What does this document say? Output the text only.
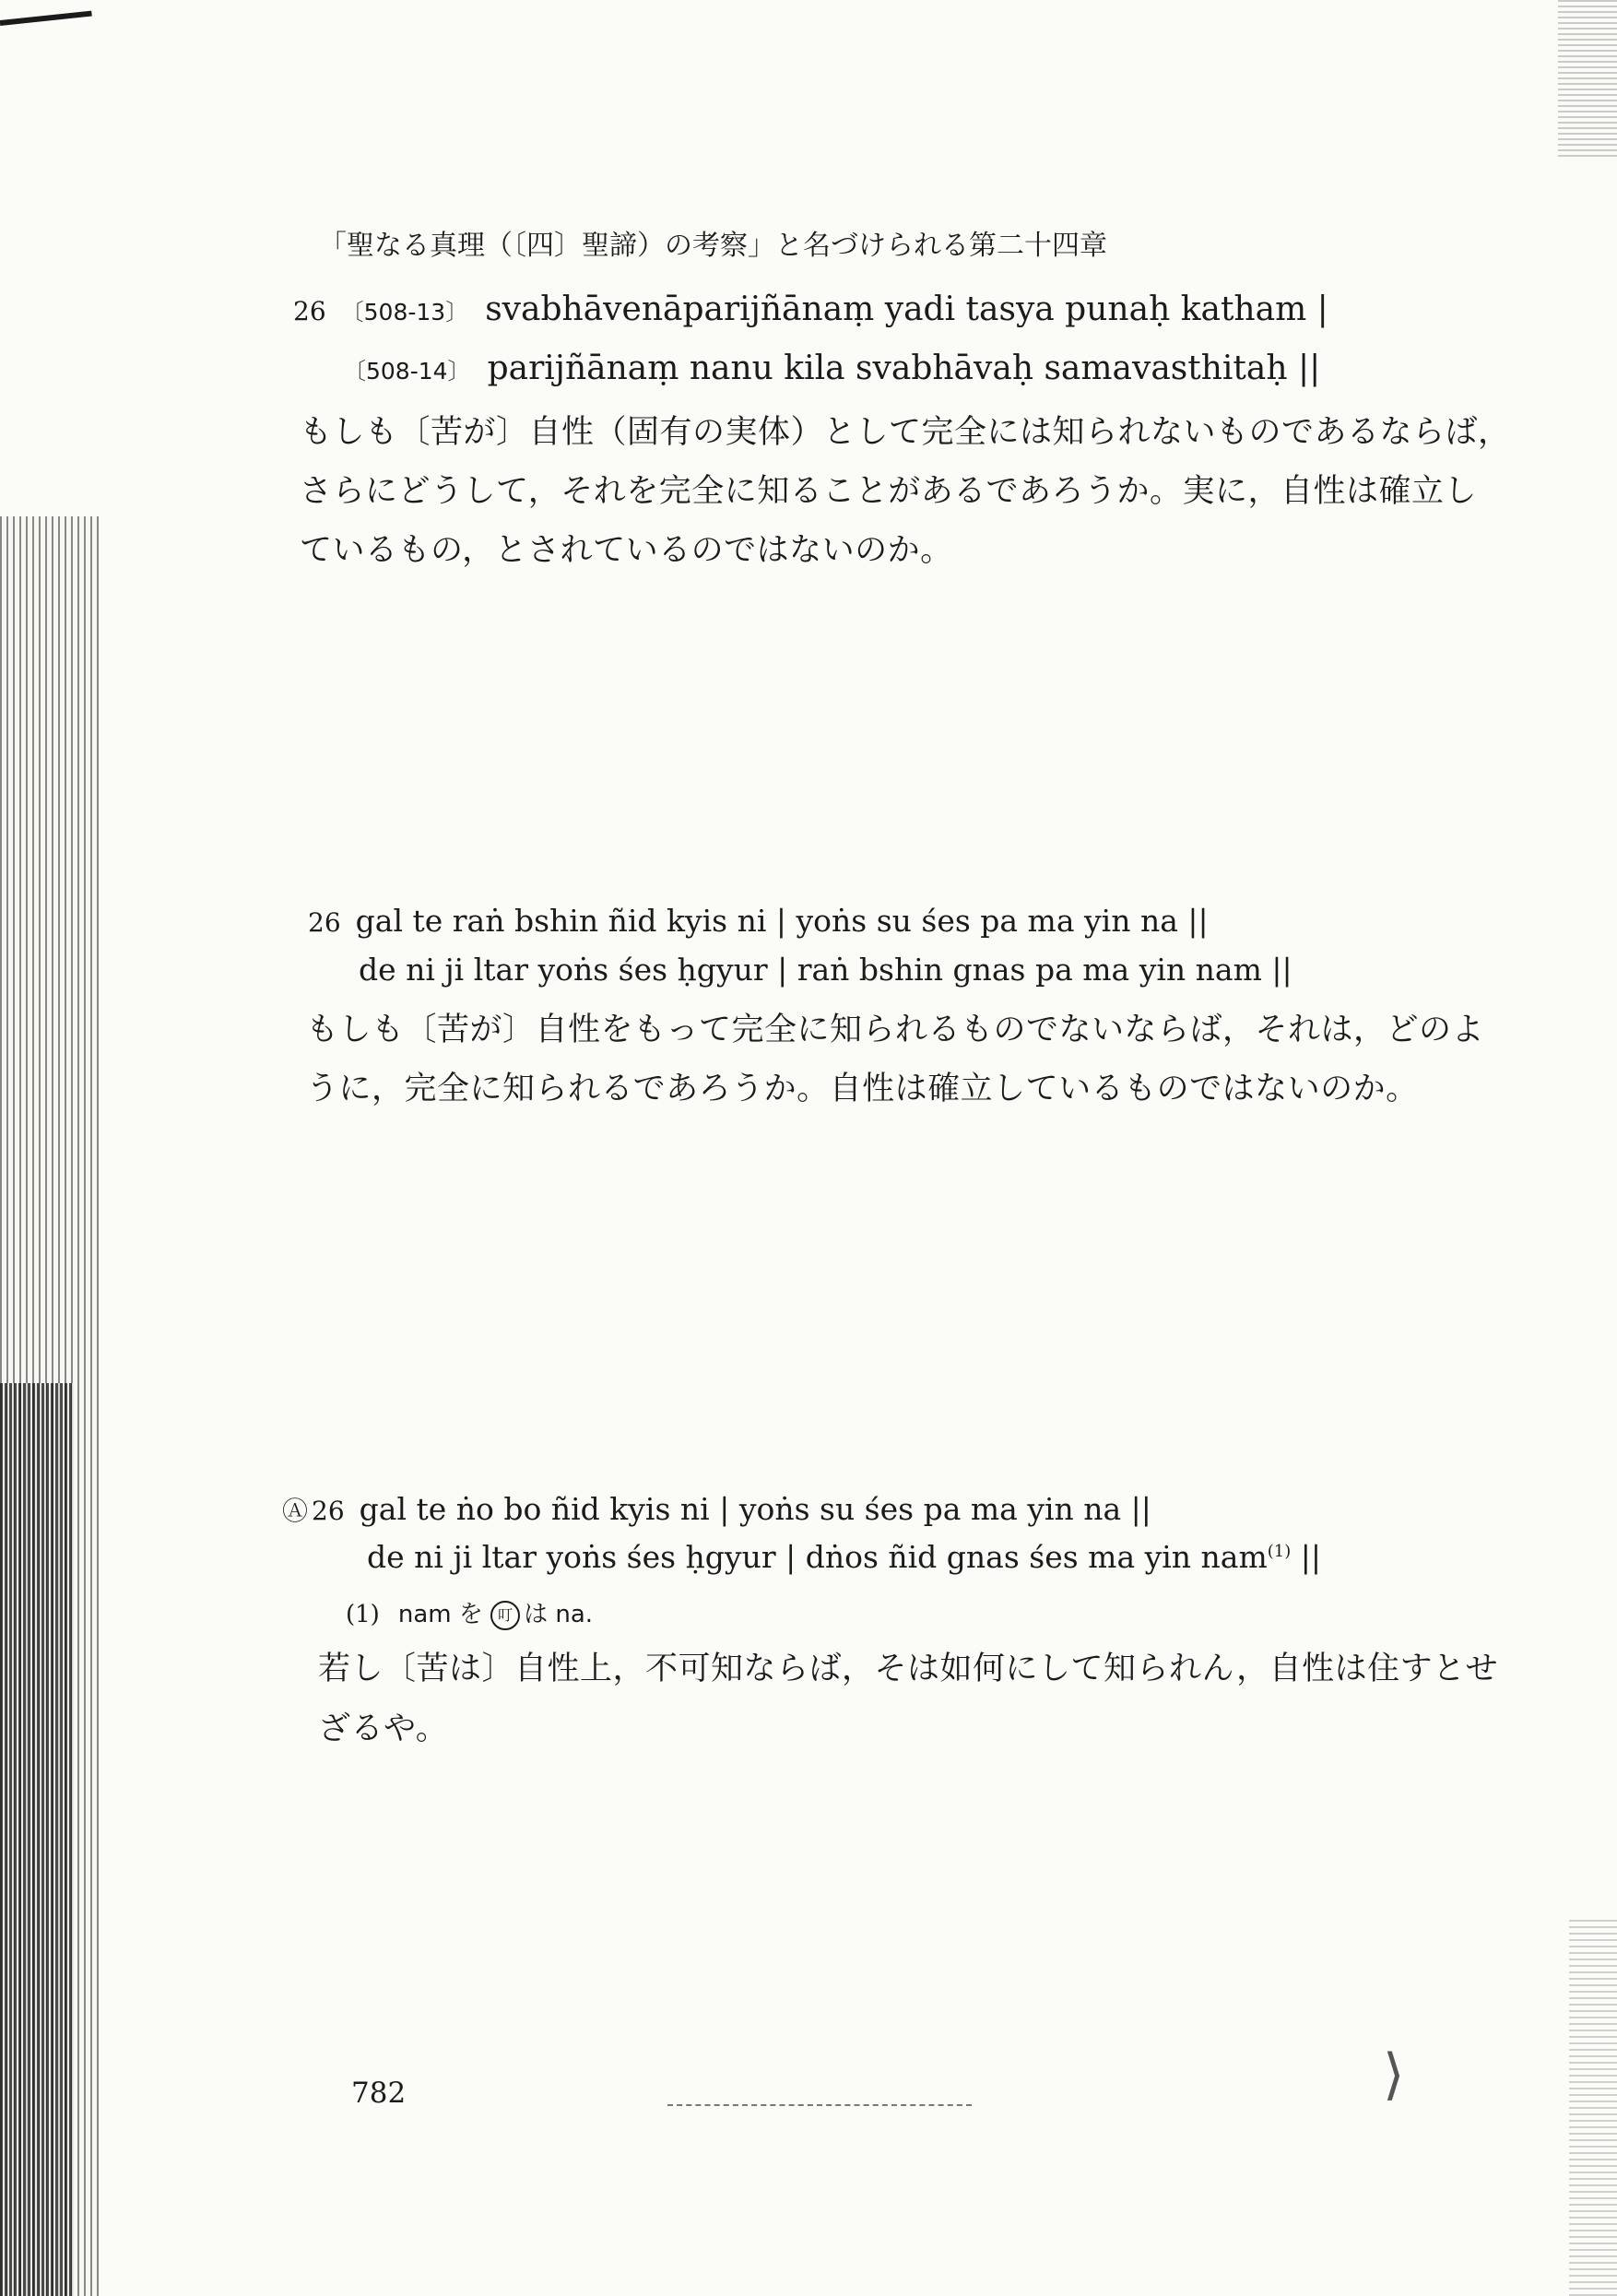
「聖なる真理（〔四〕聖諦）の考察」と名づけられる第二十四章
26 〔508-13〕 svabhāvenāparijñānaṃ yadi tasya punaḥ katham |
〔508-14〕 parijñānaṃ nanu kila svabhāvaḥ samavasthitaḥ ||
もしも〔苦が〕自性（固有の実体）として完全には知られないものであるならば，
さらにどうして，それを完全に知ることがあるであろうか。実に，自性は確立し
ているもの，とされているのではないのか。
26 gal te raṅ bshin ñid kyis ni | yoṅs su śes pa ma yin na ||
de ni ji ltar yoṅs śes ḥgyur | raṅ bshin gnas pa ma yin nam ||
もしも〔苦が〕自性をもって完全に知られるものでないならば，それは，どのよ
うに，完全に知られるであろうか。自性は確立しているものではないのか。
Ⓐ 26 gal te ṅo bo ñid kyis ni | yoṅs su śes pa ma yin na ||
de ni ji ltar yoṅs śes ḥgyur | dṅos ñid gnas śes ma yin nam$^{(1)}$ ||
(1) nam を 叮 は na.
若し〔苦は〕自性上，不可知ならば，そは如何にして知られん，自性は住すとせ
ざるや。
782	⟩
